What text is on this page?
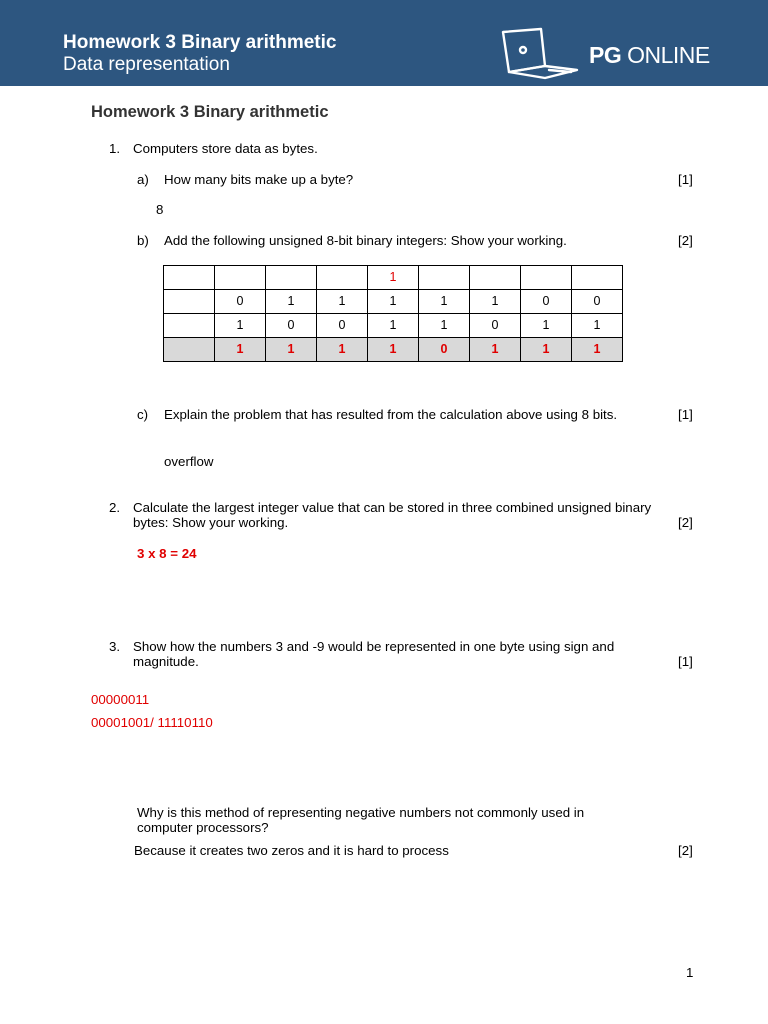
Homework 3 Binary arithmetic
Data representation	PG ONLINE
Homework 3 Binary arithmetic
1. Computers store data as bytes.
a) How many bits make up a byte?	[1]
8
b) Add the following unsigned 8-bit binary integers: Show your working.	[2]
				1				
	0	1	1	1	1	1	0	0
	1	0	0	1	1	0	1	1
	1	1	1	1	0	1	1	1
c) Explain the problem that has resulted from the calculation above using 8 bits.	[1]
overflow
2. Calculate the largest integer value that can be stored in three combined unsigned binary
bytes: Show your working.	[2]
3 x 8 = 24
3. Show how the numbers 3 and -9 would be represented in one byte using sign and
magnitude.	[1]
00000011
00001001/ 11110110
Why is this method of representing negative numbers not commonly used in
computer processors?
Because it creates two zeros and it is hard to process	[2]
1
